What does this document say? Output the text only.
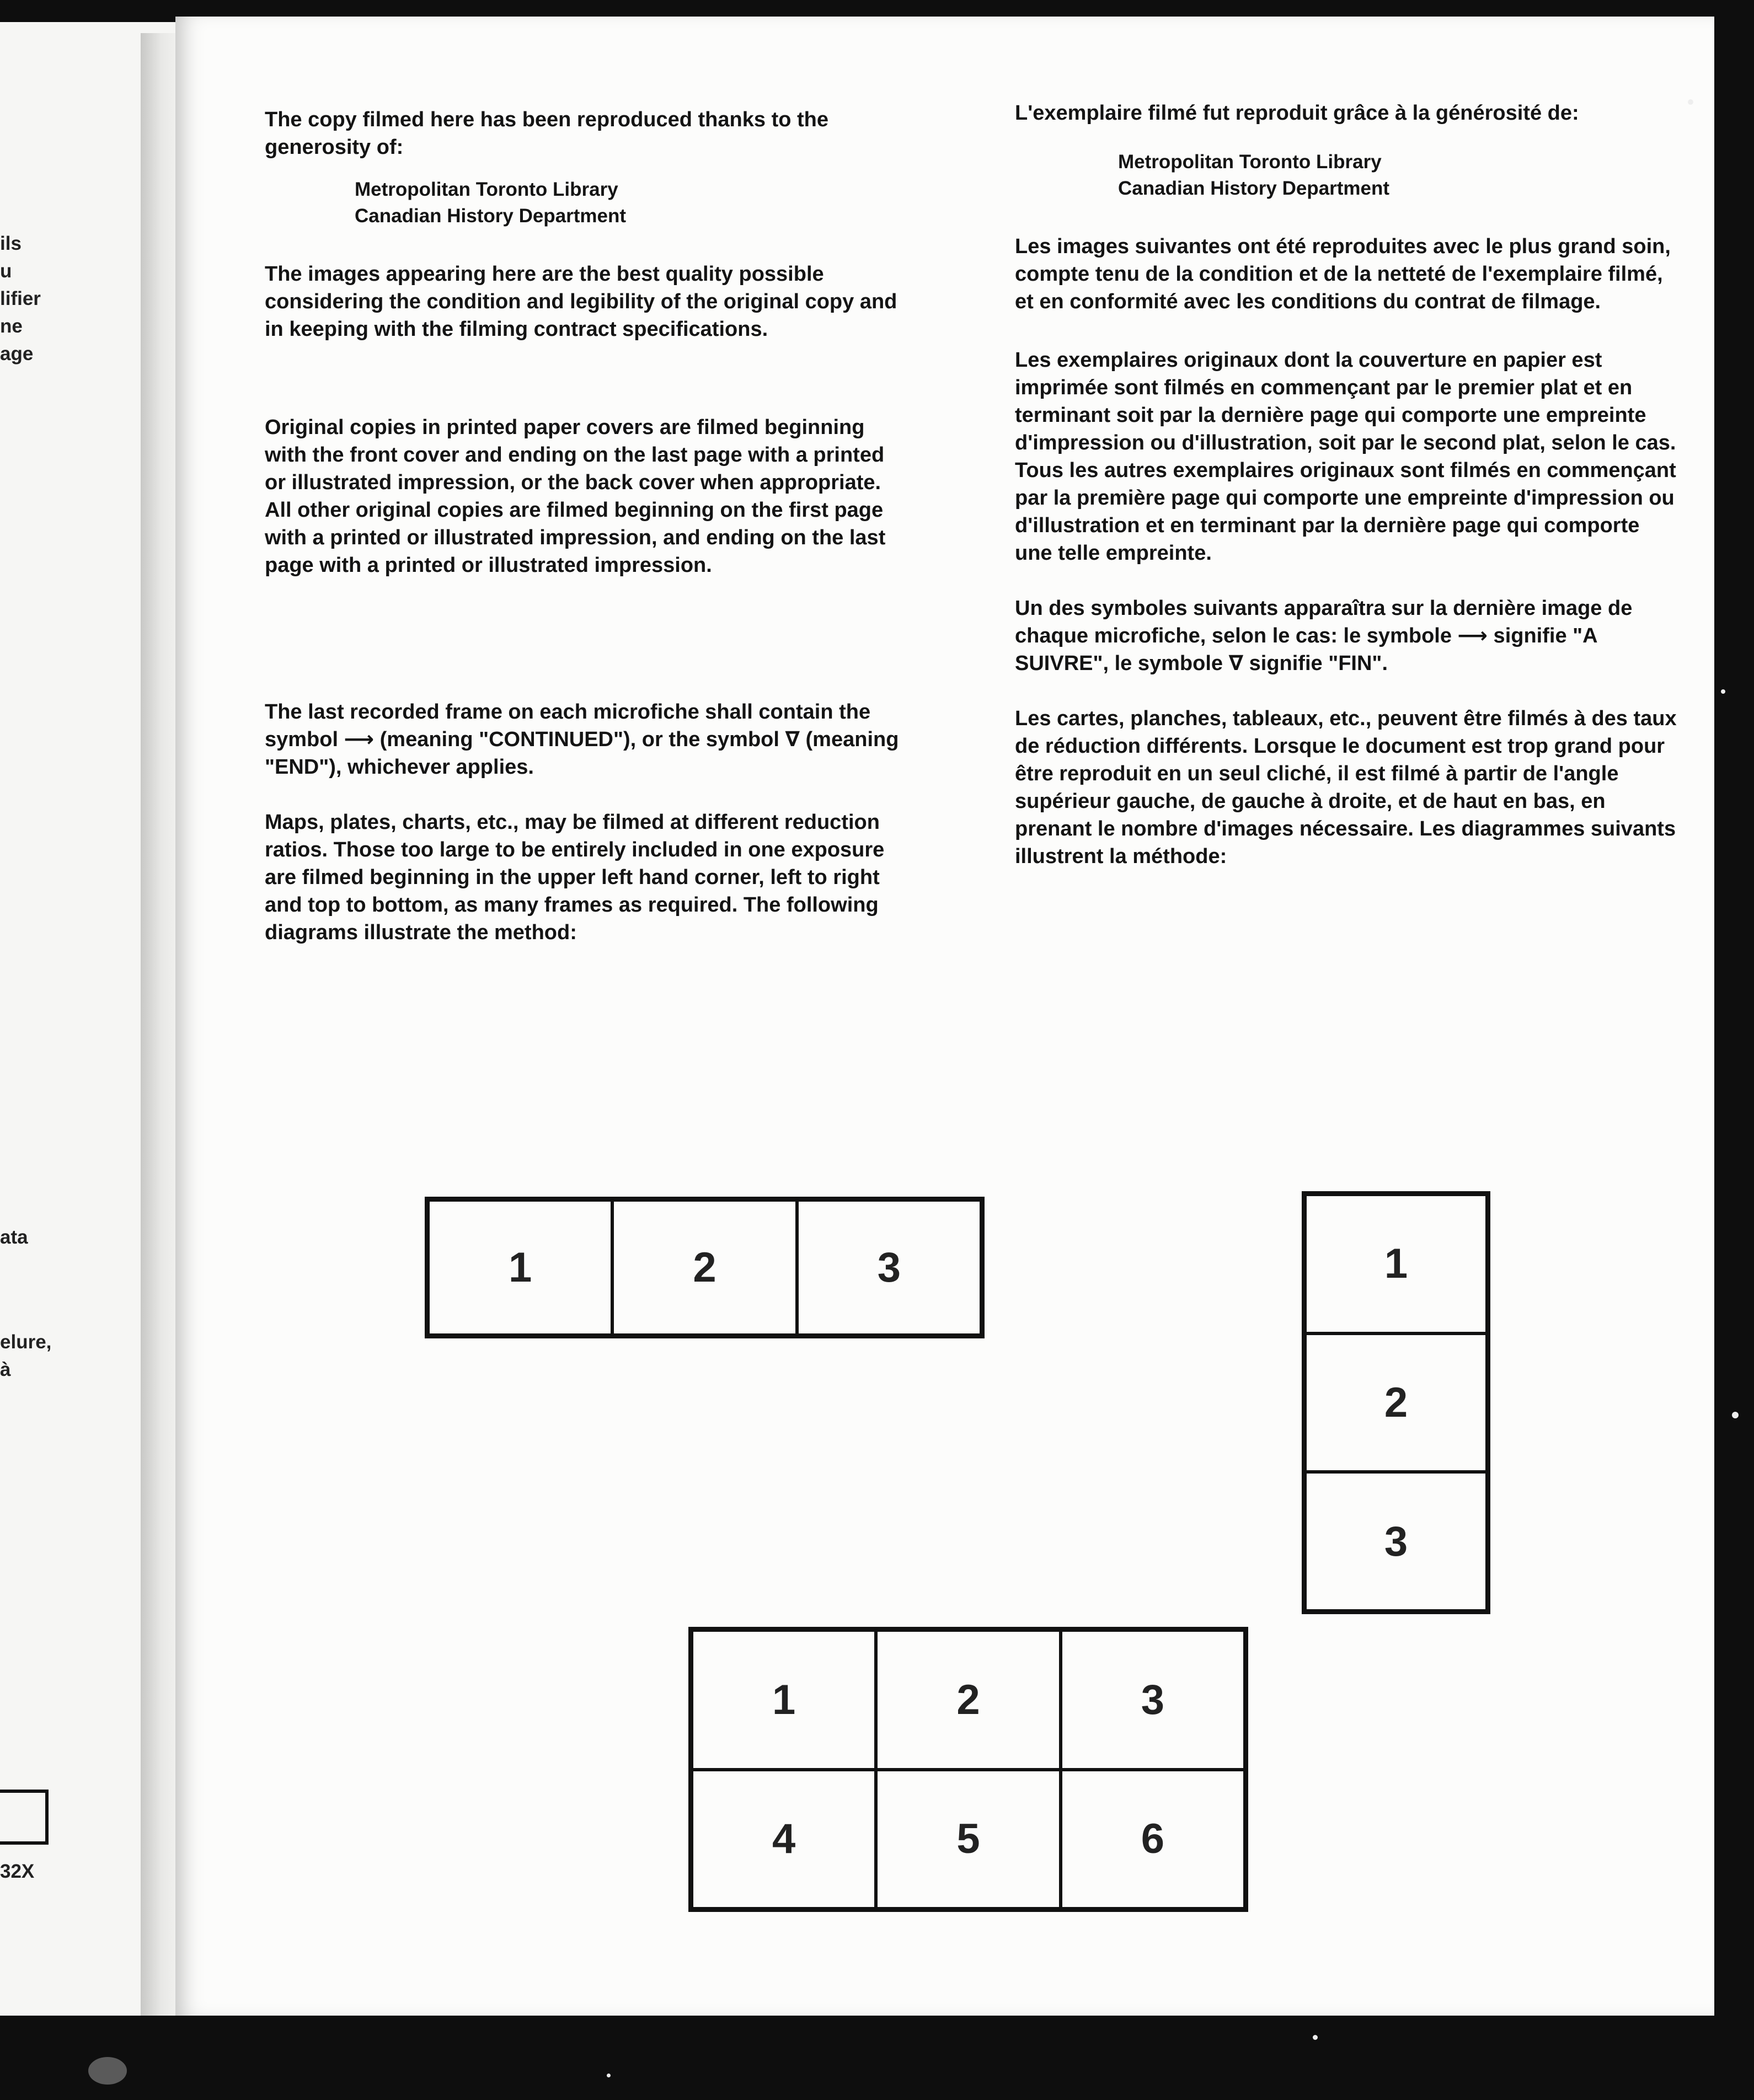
ils
u
lifier
ne
age
ata
elure,
à
32X

The copy filmed here has been reproduced thanks to the generosity of:

Metropolitan Toronto Library
Canadian History Department

The images appearing here are the best quality possible considering the condition and legibility of the original copy and in keeping with the filming contract specifications.

Original copies in printed paper covers are filmed beginning with the front cover and ending on the last page with a printed or illustrated impression, or the back cover when appropriate. All other original copies are filmed beginning on the first page with a printed or illustrated impression, and ending on the last page with a printed or illustrated impression.

The last recorded frame on each microfiche shall contain the symbol ⟶ (meaning "CONTINUED"), or the symbol ∇ (meaning "END"), whichever applies.

Maps, plates, charts, etc., may be filmed at different reduction ratios. Those too large to be entirely included in one exposure are filmed beginning in the upper left hand corner, left to right and top to bottom, as many frames as required. The following diagrams illustrate the method:

L'exemplaire filmé fut reproduit grâce à la générosité de:

Metropolitan Toronto Library
Canadian History Department

Les images suivantes ont été reproduites avec le plus grand soin, compte tenu de la condition et de la netteté de l'exemplaire filmé, et en conformité avec les conditions du contrat de filmage.

Les exemplaires originaux dont la couverture en papier est imprimée sont filmés en commençant par le premier plat et en terminant soit par la dernière page qui comporte une empreinte d'impression ou d'illustration, soit par le second plat, selon le cas. Tous les autres exemplaires originaux sont filmés en commençant par la première page qui comporte une empreinte d'impression ou d'illustration et en terminant par la dernière page qui comporte une telle empreinte.

Un des symboles suivants apparaîtra sur la dernière image de chaque microfiche, selon le cas: le symbole ⟶ signifie "A SUIVRE", le symbole ∇ signifie "FIN".

Les cartes, planches, tableaux, etc., peuvent être filmés à des taux de réduction différents. Lorsque le document est trop grand pour être reproduit en un seul cliché, il est filmé à partir de l'angle supérieur gauche, de gauche à droite, et de haut en bas, en prenant le nombre d'images nécessaire. Les diagrammes suivants illustrent la méthode:

1	2	3	1
2
3
1	2	3
4	5	6
